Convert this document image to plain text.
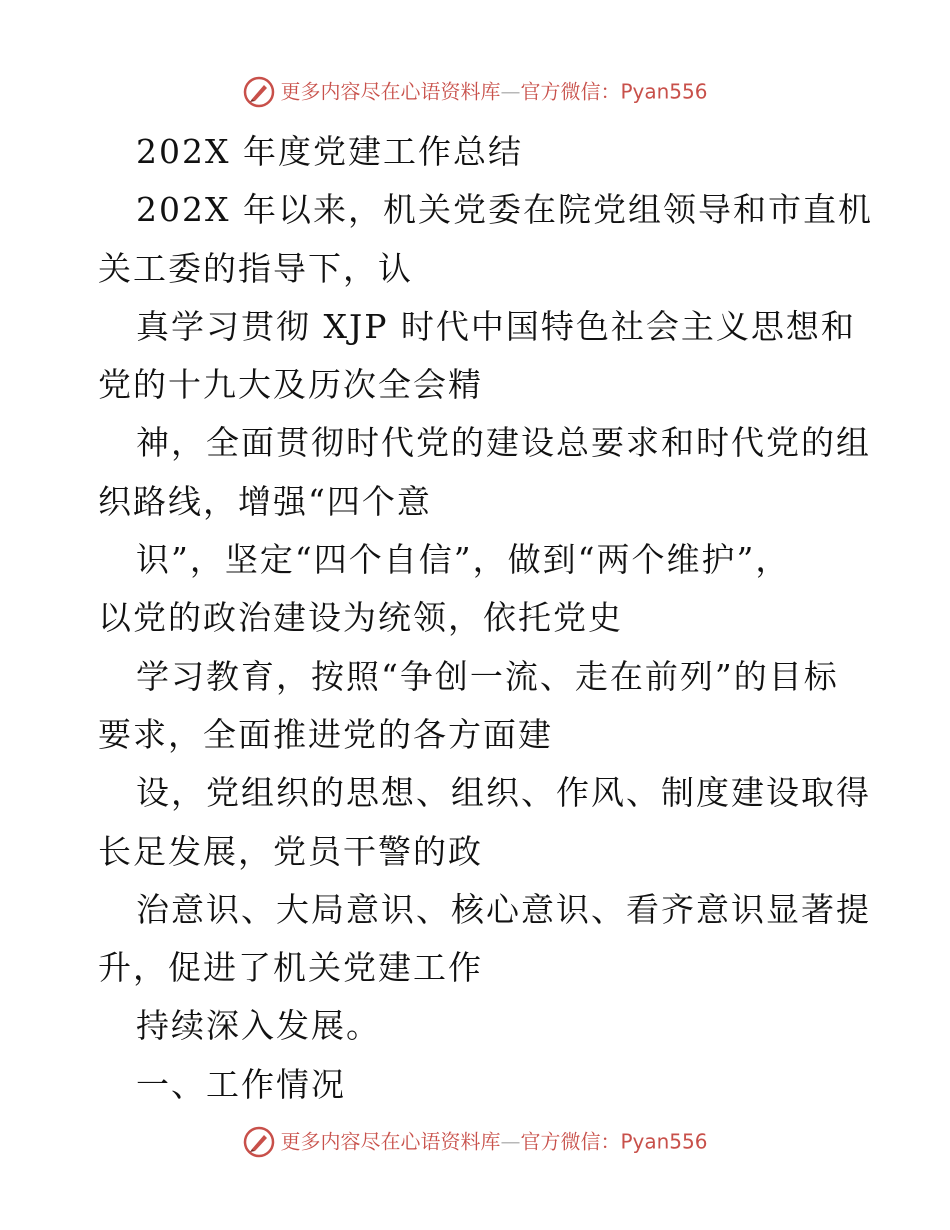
更多内容尽在心语资料库—官方微信：Pyan556
202X 年度党建工作总结
202X 年以来，机关党委在院党组领导和市直机
关工委的指导下，认
真学习贯彻 XJP 时代中国特色社会主义思想和
党的十九大及历次全会精
神，全面贯彻时代党的建设总要求和时代党的组
织路线，增强“四个意
识”，坚定“四个自信”，做到“两个维护”，
以党的政治建设为统领，依托党史
学习教育，按照“争创一流、走在前列”的目标
要求，全面推进党的各方面建
设，党组织的思想、组织、作风、制度建设取得
长足发展，党员干警的政
治意识、大局意识、核心意识、看齐意识显著提
升，促进了机关党建工作
持续深入发展。
一、工作情况
更多内容尽在心语资料库—官方微信：Pyan556
